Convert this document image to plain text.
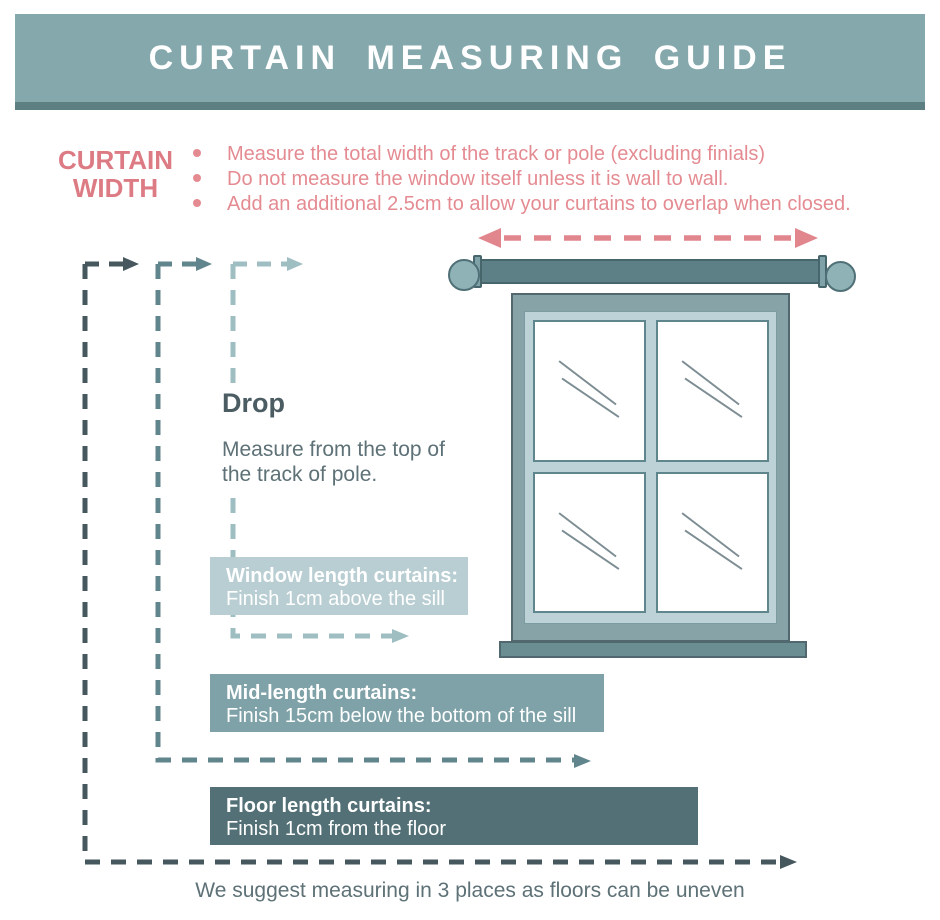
CURTAIN MEASURING GUIDE
CURTAIN WIDTH
Measure the total width of the track or pole (excluding finials)
Do not measure the window itself unless it is wall to wall.
Add an additional 2.5cm to allow your curtains to overlap when closed.

Drop

Measure from the top of the track of pole.

Window length curtains:
Finish 1cm above the sill
Mid-length curtains:
Finish 15cm below the bottom of the sill
Floor length curtains:
Finish 1cm from the floor
We suggest measuring in 3 places as floors can be uneven
